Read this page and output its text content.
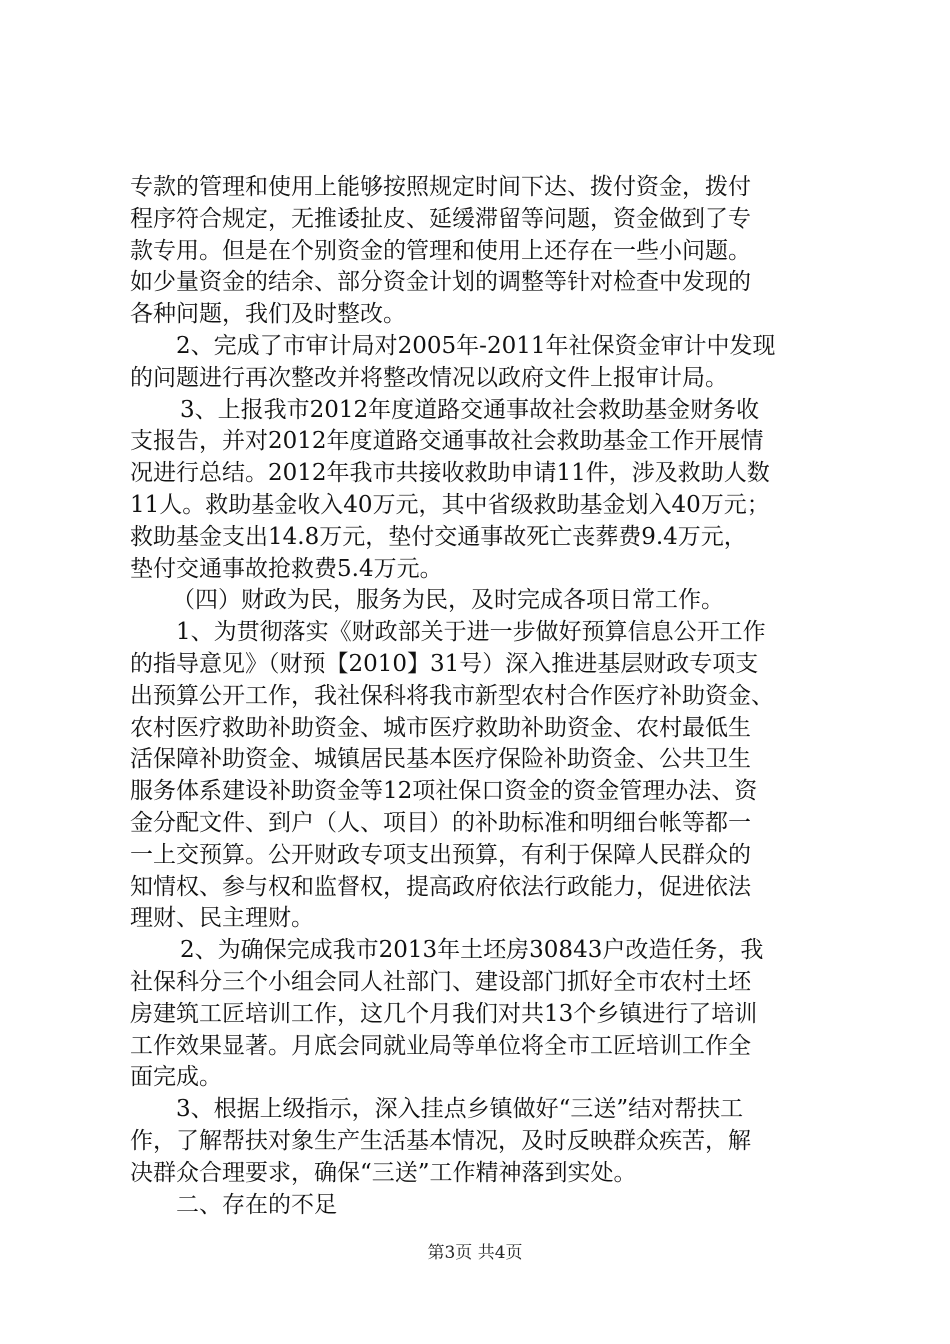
专款的管理和使用上能够按照规定时间下达、拨付资金，拨付
程序符合规定，无推诿扯皮、延缓滞留等问题，资金做到了专
款专用。但是在个别资金的管理和使用上还存在一些小问题。
如少量资金的结余、部分资金计划的调整等针对检查中发现的
各种问题，我们及时整改。
2、完成了市审计局对2005年-2011年社保资金审计中发现
的问题进行再次整改并将整改情况以政府文件上报审计局。
3、上报我市2012年度道路交通事故社会救助基金财务收
支报告，并对2012年度道路交通事故社会救助基金工作开展情
况进行总结。2012年我市共接收救助申请11件，涉及救助人数
11人。救助基金收入40万元，其中省级救助基金划入40万元；
救助基金支出14.8万元，垫付交通事故死亡丧葬费9.4万元，
垫付交通事故抢救费5.4万元。
（四）财政为民，服务为民，及时完成各项日常工作。
1、为贯彻落实《财政部关于进一步做好预算信息公开工作
的指导意见》（财预【2010】31号）深入推进基层财政专项支
出预算公开工作，我社保科将我市新型农村合作医疗补助资金、
农村医疗救助补助资金、城市医疗救助补助资金、农村最低生
活保障补助资金、城镇居民基本医疗保险补助资金、公共卫生
服务体系建设补助资金等12项社保口资金的资金管理办法、资
金分配文件、到户（人、项目）的补助标准和明细台帐等都一
一上交预算。公开财政专项支出预算，有利于保障人民群众的
知情权、参与权和监督权，提高政府依法行政能力，促进依法
理财、民主理财。
2、为确保完成我市2013年土坯房30843户改造任务，我
社保科分三个小组会同人社部门、建设部门抓好全市农村土坯
房建筑工匠培训工作，这几个月我们对共13个乡镇进行了培训
工作效果显著。月底会同就业局等单位将全市工匠培训工作全
面完成。
3、根据上级指示，深入挂点乡镇做好“三送”结对帮扶工
作，了解帮扶对象生产生活基本情况，及时反映群众疾苦，解
决群众合理要求，确保“三送”工作精神落到实处。
二、存在的不足
第3页 共4页
